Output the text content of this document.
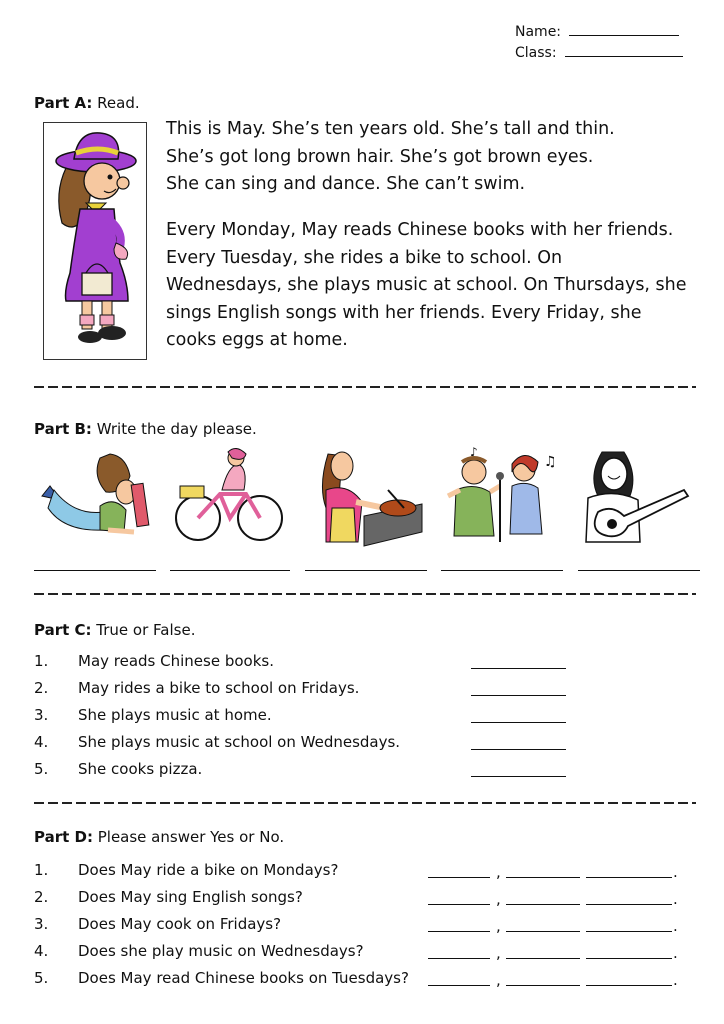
Name:
Class:
Part A: Read.
This is May. She’s ten years old. She’s tall and thin.
She’s got long brown hair. She’s got brown eyes.
She can sing and dance. She can’t swim.
Every Monday, May reads Chinese books with her friends.
Every Tuesday, she rides a bike to school. On
Wednesdays, she plays music at school. On Thursdays, she
sings English songs with her friends. Every Friday, she
cooks eggs at home.
Part B: Write the day please.
♪
♫
Part C: True or False.
1. May reads Chinese books.
2. May rides a bike to school on Fridays.
3. She plays music at home.
4. She plays music at school on Wednesdays.
5. She cooks pizza.
Part D: Please answer Yes or No.
1. Does May ride a bike on Mondays?	,	.
2. Does May sing English songs?	,	.
3. Does May cook on Fridays?	,	.
4. Does she play music on Wednesdays?	,	.
5. Does May read Chinese books on Tuesdays?	,	.
